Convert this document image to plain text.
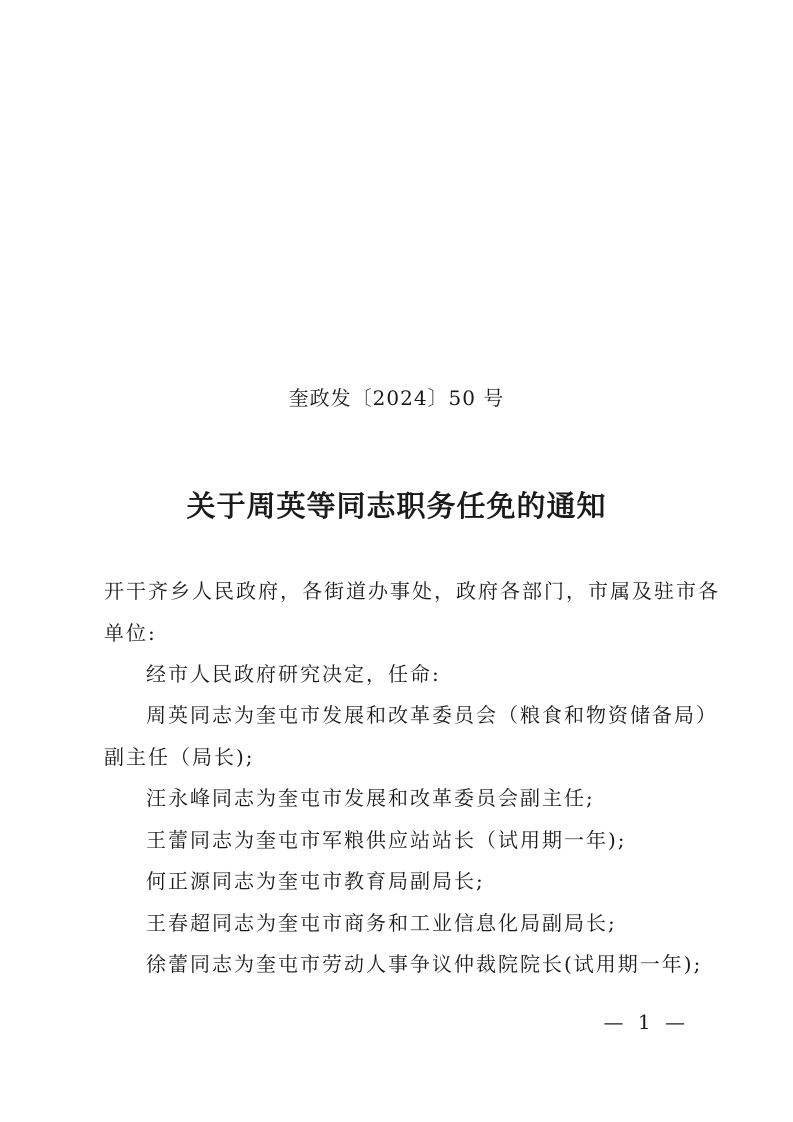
奎政发〔2024〕50 号
关于周英等同志职务任免的通知
开干齐乡人民政府，各街道办事处，政府各部门，市属及驻市各
单位:
经市人民政府研究决定，任命:
周英同志为奎屯市发展和改革委员会（粮食和物资储备局）
副主任（局长);
汪永峰同志为奎屯市发展和改革委员会副主任;
王蕾同志为奎屯市军粮供应站站长（试用期一年);
何正源同志为奎屯市教育局副局长;
王春超同志为奎屯市商务和工业信息化局副局长;
徐蕾同志为奎屯市劳动人事争议仲裁院院长(试用期一年);
— 1 —
